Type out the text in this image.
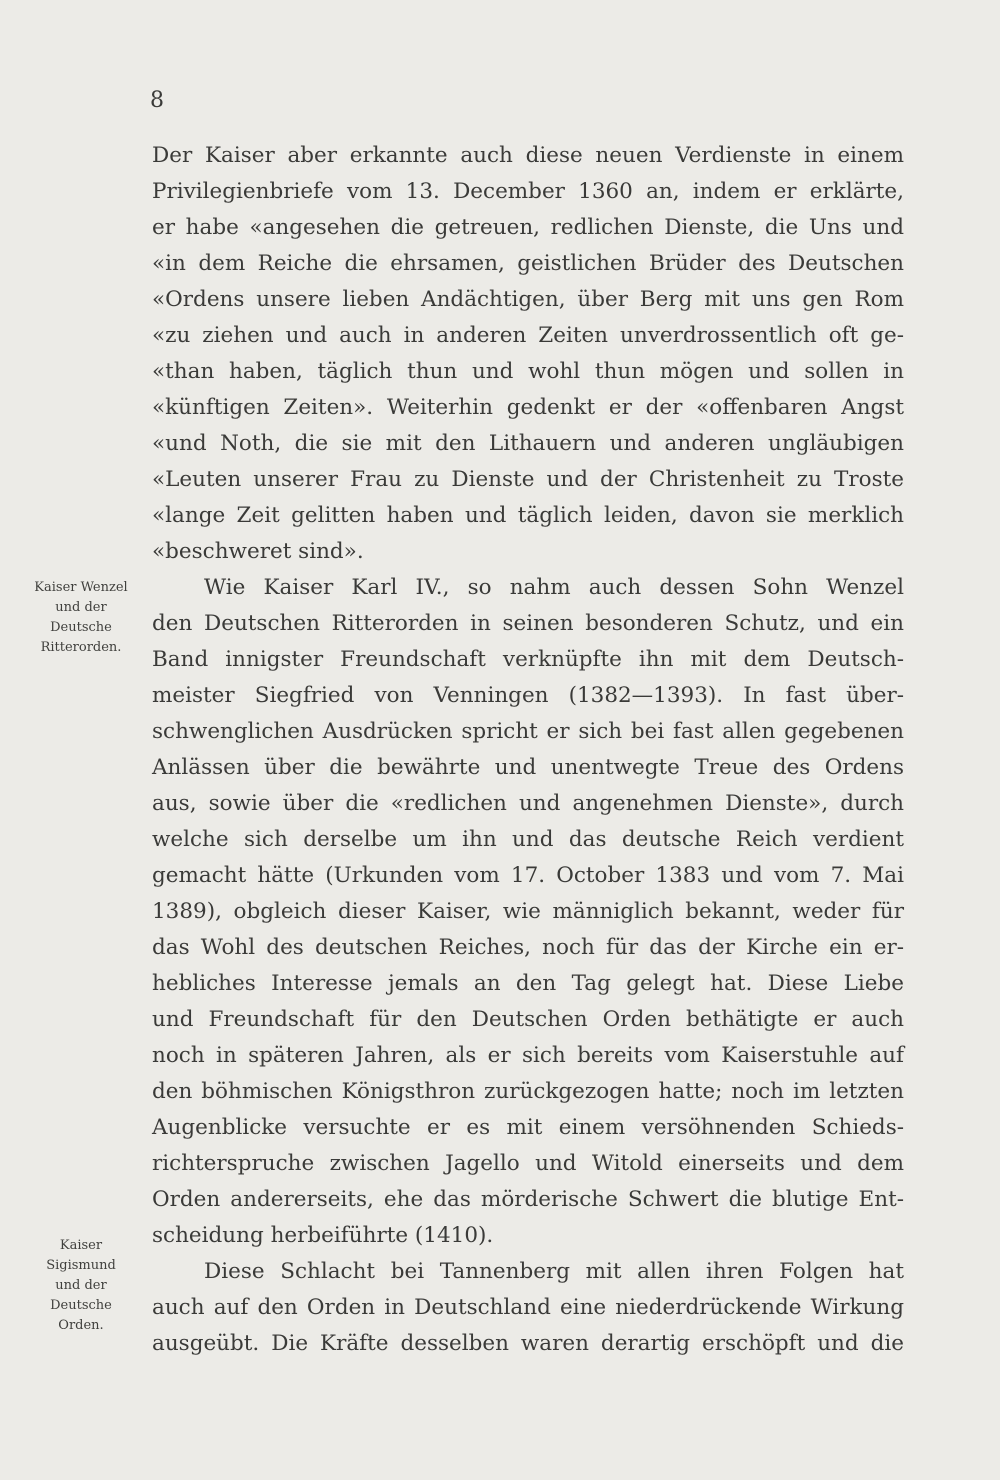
8
Kaiser Wenzel
und der
Deutsche
Ritterorden.
Kaiser
Sigismund
und der
Deutsche
Orden.
Der Kaiser aber erkannte auch diese neuen Verdienste in einem
Privilegienbriefe vom 13. December 1360 an, indem er erklärte,
er habe «angesehen die getreuen, redlichen Dienste, die Uns und
«in dem Reiche die ehrsamen, geistlichen Brüder des Deutschen
«Ordens unsere lieben Andächtigen, über Berg mit uns gen Rom
«zu ziehen und auch in anderen Zeiten unverdrossentlich oft ge-
«than haben, täglich thun und wohl thun mögen und sollen in
«künftigen Zeiten». Weiterhin gedenkt er der «offenbaren Angst
«und Noth, die sie mit den Lithauern und anderen ungläubigen
«Leuten unserer Frau zu Dienste und der Christenheit zu Troste
«lange Zeit gelitten haben und täglich leiden, davon sie merklich
«beschweret sind».
Wie Kaiser Karl IV., so nahm auch dessen Sohn Wenzel
den Deutschen Ritterorden in seinen besonderen Schutz, und ein
Band innigster Freundschaft verknüpfte ihn mit dem Deutsch-
meister Siegfried von Venningen (1382—1393). In fast über-
schwenglichen Ausdrücken spricht er sich bei fast allen gegebenen
Anlässen über die bewährte und unentwegte Treue des Ordens
aus, sowie über die «redlichen und angenehmen Dienste», durch
welche sich derselbe um ihn und das deutsche Reich verdient
gemacht hätte (Urkunden vom 17. October 1383 und vom 7. Mai
1389), obgleich dieser Kaiser, wie männiglich bekannt, weder für
das Wohl des deutschen Reiches, noch für das der Kirche ein er-
hebliches Interesse jemals an den Tag gelegt hat. Diese Liebe
und Freundschaft für den Deutschen Orden bethätigte er auch
noch in späteren Jahren, als er sich bereits vom Kaiserstuhle auf
den böhmischen Königsthron zurückgezogen hatte; noch im letzten
Augenblicke versuchte er es mit einem versöhnenden Schieds-
richterspruche zwischen Jagello und Witold einerseits und dem
Orden andererseits, ehe das mörderische Schwert die blutige Ent-
scheidung herbeiführte (1410).
Diese Schlacht bei Tannenberg mit allen ihren Folgen hat
auch auf den Orden in Deutschland eine niederdrückende Wirkung
ausgeübt. Die Kräfte desselben waren derartig erschöpft und die
